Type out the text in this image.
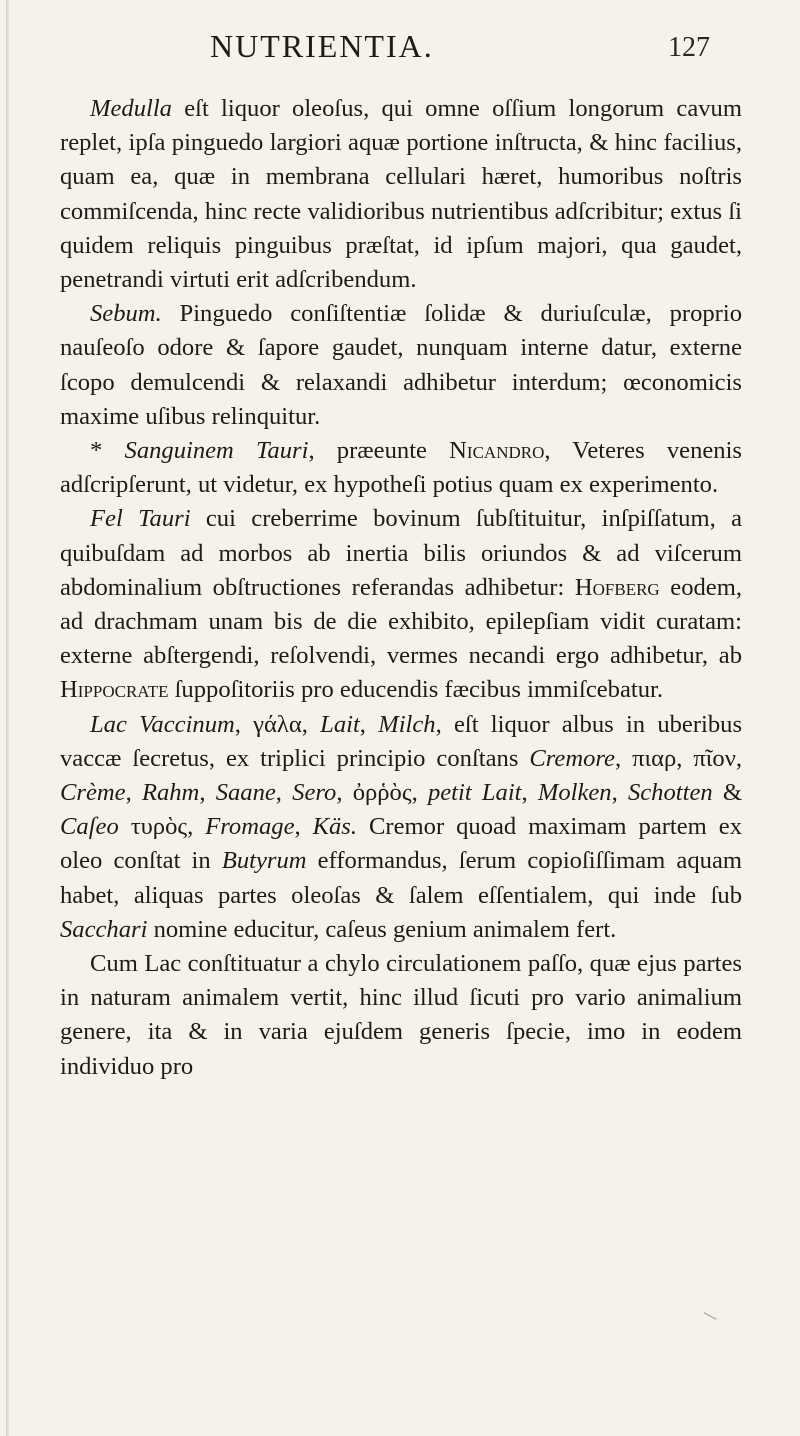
NUTRIENTIA.	127

Medulla eſt liquor oleoſus, qui omne oſſium longorum cavum replet, ipſa pinguedo largiori aquæ portione inſtructa, & hinc facilius, quam ea, quæ in membrana cellulari hæret, humoribus noſtris commiſcenda, hinc recte validioribus nutrientibus adſcribitur; extus ſi quidem reliquis pinguibus præſtat, id ipſum majori, qua gaudet, penetrandi virtuti erit adſcribendum.

Sebum. Pinguedo conſiſtentiæ ſolidæ & duriuſculæ, proprio nauſeoſo odore & ſapore gaudet, nunquam interne datur, externe ſcopo demulcendi & relaxandi adhibetur interdum; œconomicis maxime uſibus relinquitur.

* Sanguinem Tauri, præeunte Nicandro, Veteres venenis adſcripſerunt, ut videtur, ex hypotheſi potius quam ex experimento.

Fel Tauri cui creberrime bovinum ſubſtituitur, inſpiſſatum, a quibuſdam ad morbos ab inertia bilis oriundos & ad viſcerum abdominalium obſtructiones referandas adhibetur: Hofberg eodem, ad drachmam unam bis de die exhibito, epilepſiam vidit curatam: externe abſtergendi, reſolvendi, vermes necandi ergo adhibetur, ab Hippocrate ſuppoſitoriis pro educendis fæcibus immiſcebatur.

Lac Vaccinum, γάλα, Lait, Milch, eſt liquor albus in uberibus vaccæ ſecretus, ex triplici principio conſtans Cremore, πιαρ, πῖον, Crème, Rahm, Saane, Sero, ὀρῥὸς, petit Lait, Molken, Schotten & Caſeo τυρὸς, Fromage, Käs. Cremor quoad maximam partem ex oleo conſtat in Butyrum efformandus, ſerum copioſiſſimam aquam habet, aliquas partes oleoſas & ſalem eſſentialem, qui inde ſub Sacchari nomine educitur, caſeus genium animalem fert.

Cum Lac conſtituatur a chylo circulationem paſſo, quæ ejus partes in naturam animalem vertit, hinc illud ſicuti pro vario animalium genere, ita & in varia ejuſdem generis ſpecie, imo in eodem individuo pro
